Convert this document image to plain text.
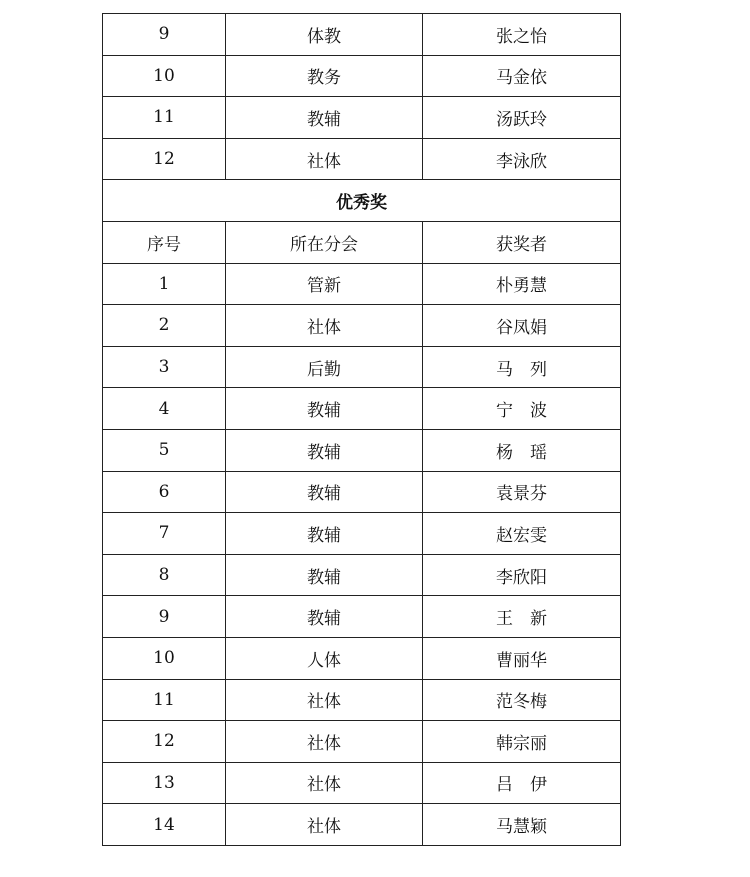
9	体教	张之怡
10	教务	马金依
11	教辅	汤跃玲
12	社体	李泳欣
优秀奖		
序号	所在分会	获奖者
1	管新	朴勇慧
2	社体	谷凤娟
3	后勤	马　列
4	教辅	宁　波
5	教辅	杨　瑶
6	教辅	袁景芬
7	教辅	赵宏雯
8	教辅	李欣阳
9	教辅	王　新
10	人体	曹丽华
11	社体	范冬梅
12	社体	韩宗丽
13	社体	吕　伊
14	社体	马慧颖
